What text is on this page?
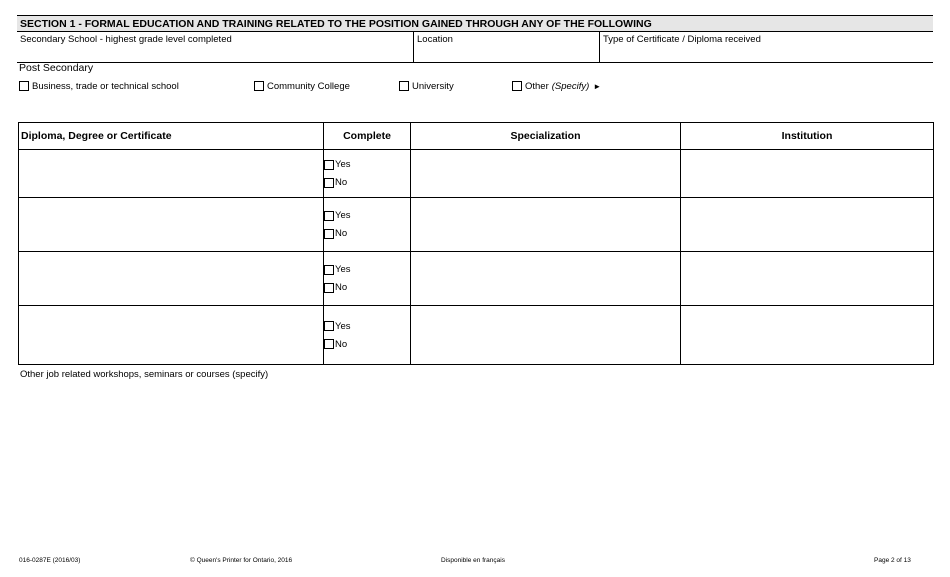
SECTION 1 - FORMAL EDUCATION AND TRAINING RELATED TO THE POSITION GAINED THROUGH ANY OF THE FOLLOWING
Secondary School - highest grade level completed	Location	Type of Certificate / Diploma received
Post Secondary
Business, trade or technical school	Community College	University	Other (Specify) ►
Diploma, Degree or Certificate	Complete	Specialization	Institution

	Yes
No		

	Yes
No		

	Yes
No		

	Yes
No		

Other job related workshops, seminars or courses (specify)
016-0287E (2016/03)	© Queen's Printer for Ontario, 2016	Disponible en français	Page 2 of 13
